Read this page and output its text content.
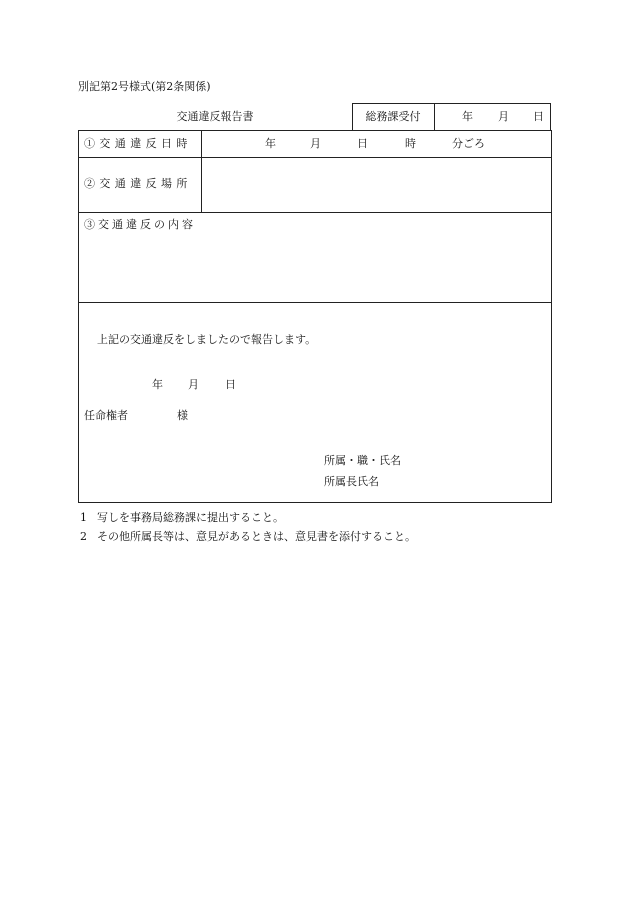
別記第2号様式(第2条関係)
交通違反報告書	総務課受付	年 月 日
①交通違反日時	年	月	日	時	分ごろ
②交通違反場所
③交通違反の内容
上記の交通違反をしましたので報告します。
年 月 日
任命権者	様
所属・職・氏名
所属長氏名
1 写しを事務局総務課に提出すること。
2 その他所属長等は、意見があるときは、意見書を添付すること。
